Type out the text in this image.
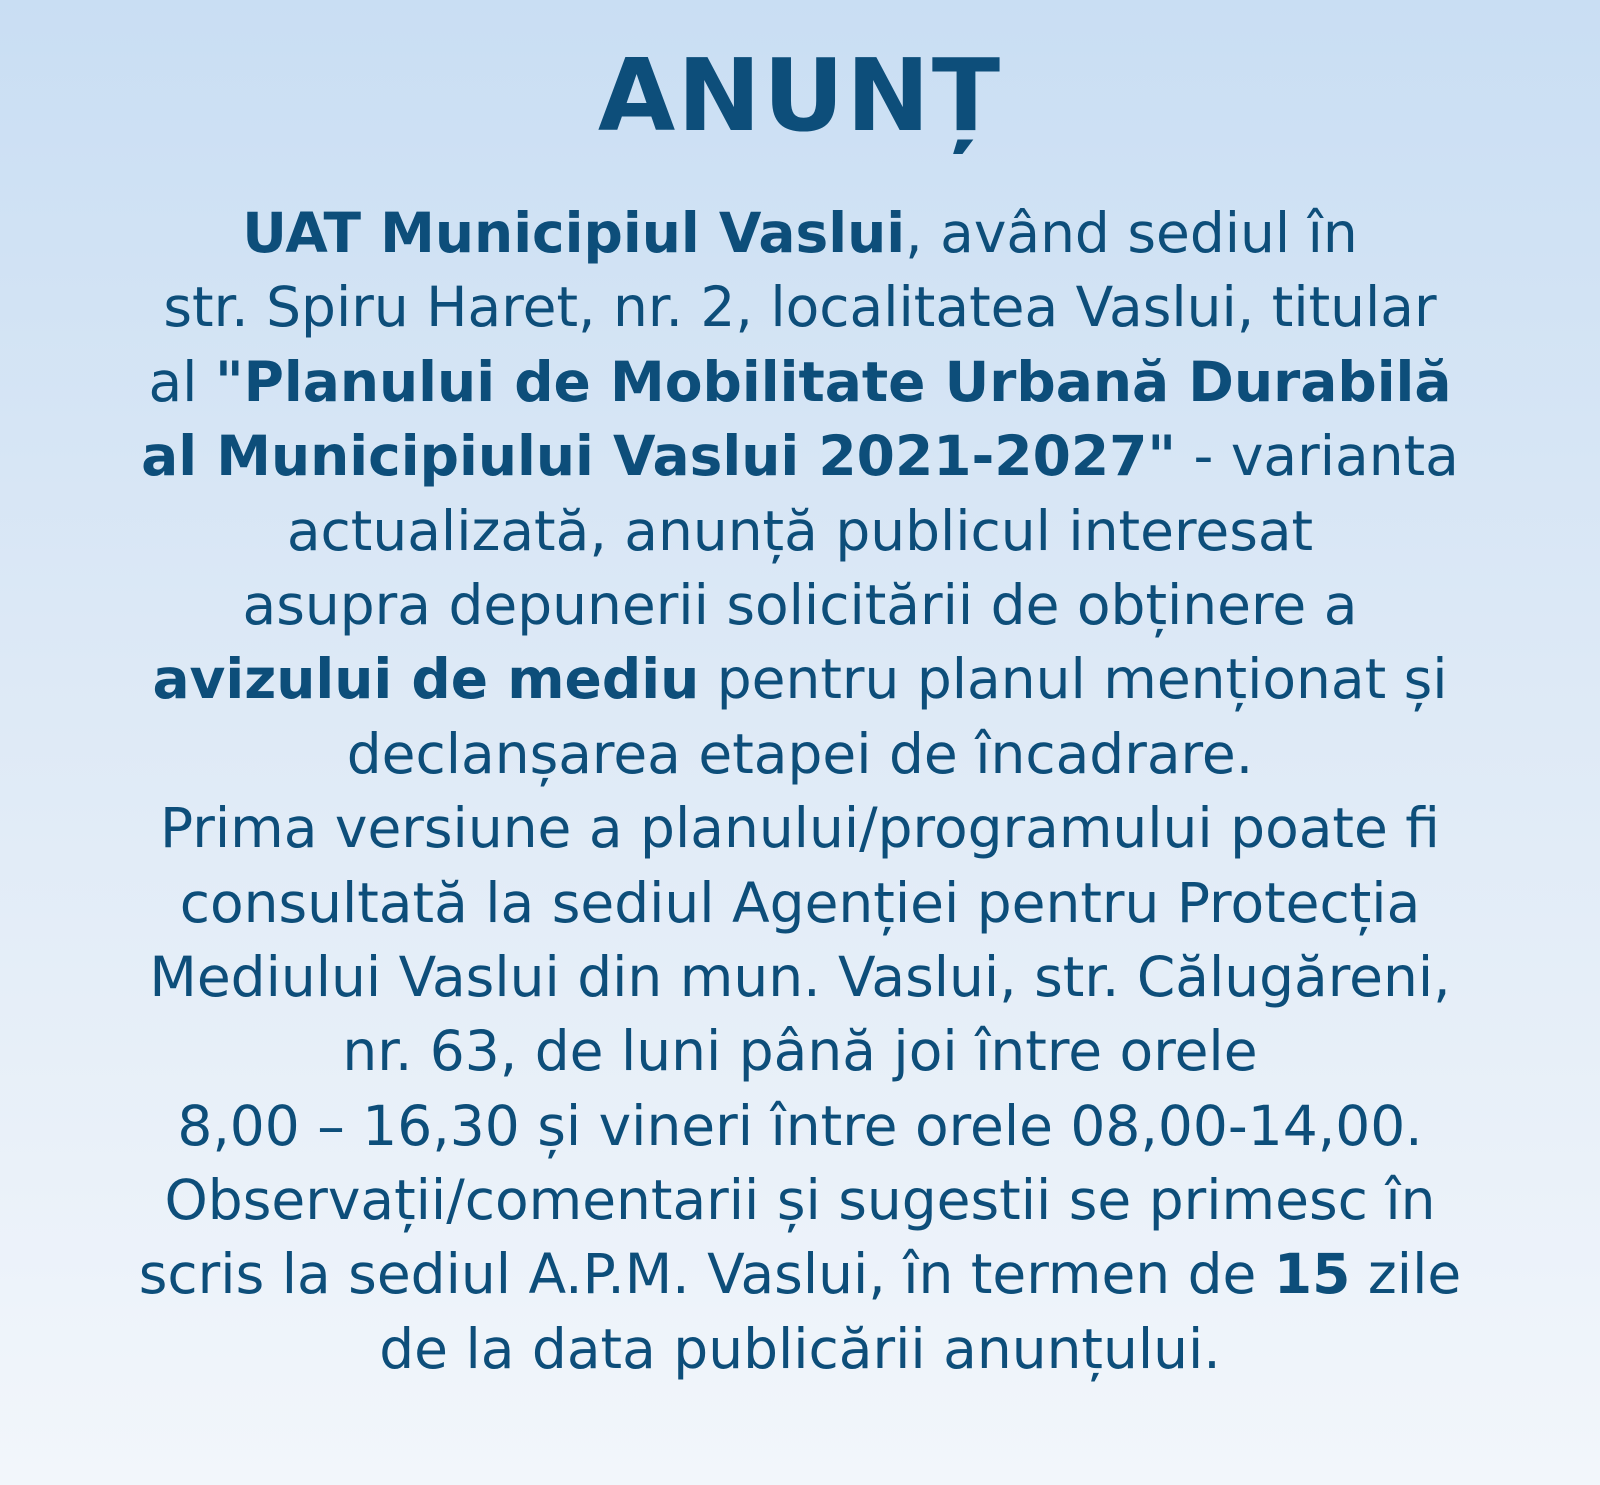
ANUNȚ
UAT Municipiul Vaslui, având sediul în
str. Spiru Haret, nr. 2, localitatea Vaslui, titular
al "Planului de Mobilitate Urbană Durabilă
al Municipiului Vaslui 2021-2027" - varianta
actualizată, anunță publicul interesat
asupra depunerii solicitării de obținere a
avizului de mediu pentru planul menționat și
declanșarea etapei de încadrare.
Prima versiune a planului/programului poate fi
consultată la sediul Agenției pentru Protecția
Mediului Vaslui din mun. Vaslui, str. Călugăreni,
nr. 63, de luni până joi între orele
8,00 – 16,30 și vineri între orele 08,00-14,00.
Observații/comentarii și sugestii se primesc în
scris la sediul A.P.M. Vaslui, în termen de 15 zile
de la data publicării anunțului.
